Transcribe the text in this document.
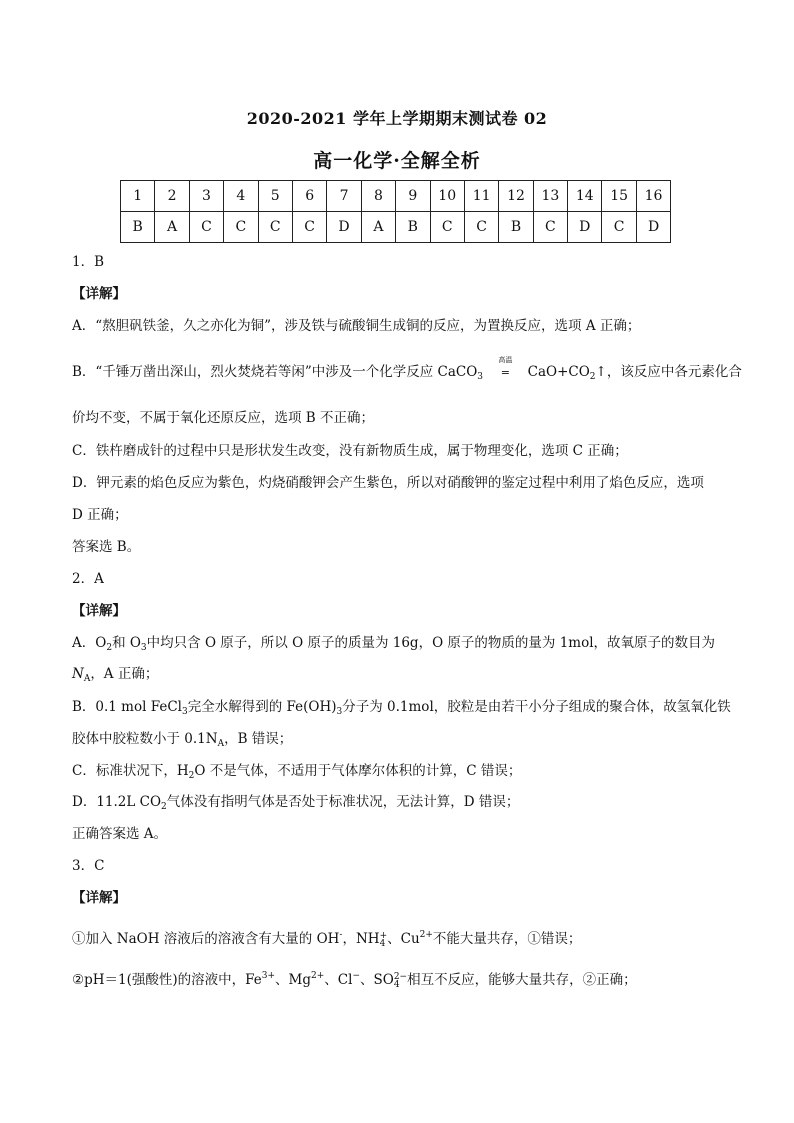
2020-2021 学年上学期期末测试卷 02
高一化学·全解全析
1	2	3	4	5	6	7	8	9	10	11	12	13	14	15	16
B	A	C	C	C	C	D	A	B	C	C	B	C	D	C	D
1．B
【详解】
A．“熬胆矾铁釜，久之亦化为铜”，涉及铁与硫酸铜生成铜的反应，为置换反应，选项 A 正确；
B．“千锤万凿出深山，烈火焚烧若等闲”中涉及一个化学反应 CaCO$_3$
高温
= $CaO+CO_2↑$，该反应中各元素化合
价均不变，不属于氧化还原反应，选项 B 不正确；
C．铁杵磨成针的过程中只是形状发生改变，没有新物质生成，属于物理变化，选项 C 正确；
D．钾元素的焰色反应为紫色，灼烧硝酸钾会产生紫色，所以对硝酸钾的鉴定过程中利用了焰色反应，选项
D 正确；
答案选 B。
2．A
【详解】
A．$O_2$和 $O_3$中均只含 O 原子，所以 O 原子的质量为 16g，O 原子的物质的量为 1mol，故氧原子的数目为
$N_A$，A 正确；
B．0.1 mol FeCl$_3$完全水解得到的 $Fe(OH)_3$分子为 0.1mol，胶粒是由若干小分子组成的聚合体，故氢氧化铁
胶体中胶粒数小于 $0.1N_A$，B 错误；
C．标准状况下，$H_2O$ 不是气体，不适用于气体摩尔体积的计算，C 错误；
D．11.2L $CO_2$气体没有指明气体是否处于标准状况，无法计算，D 错误；
正确答案选 A。
3．C
【详解】
①加入 NaOH 溶液后的溶液含有大量的 OH-，NH+
4 、$Cu^{2+}$不能大量共存，①错误；
②pH＝1(强酸性)的溶液中，$Fe^{3+}$、$Mg^{2+}$、Cl−、SO2−
4 相互不反应，能够大量共存，②正确；
